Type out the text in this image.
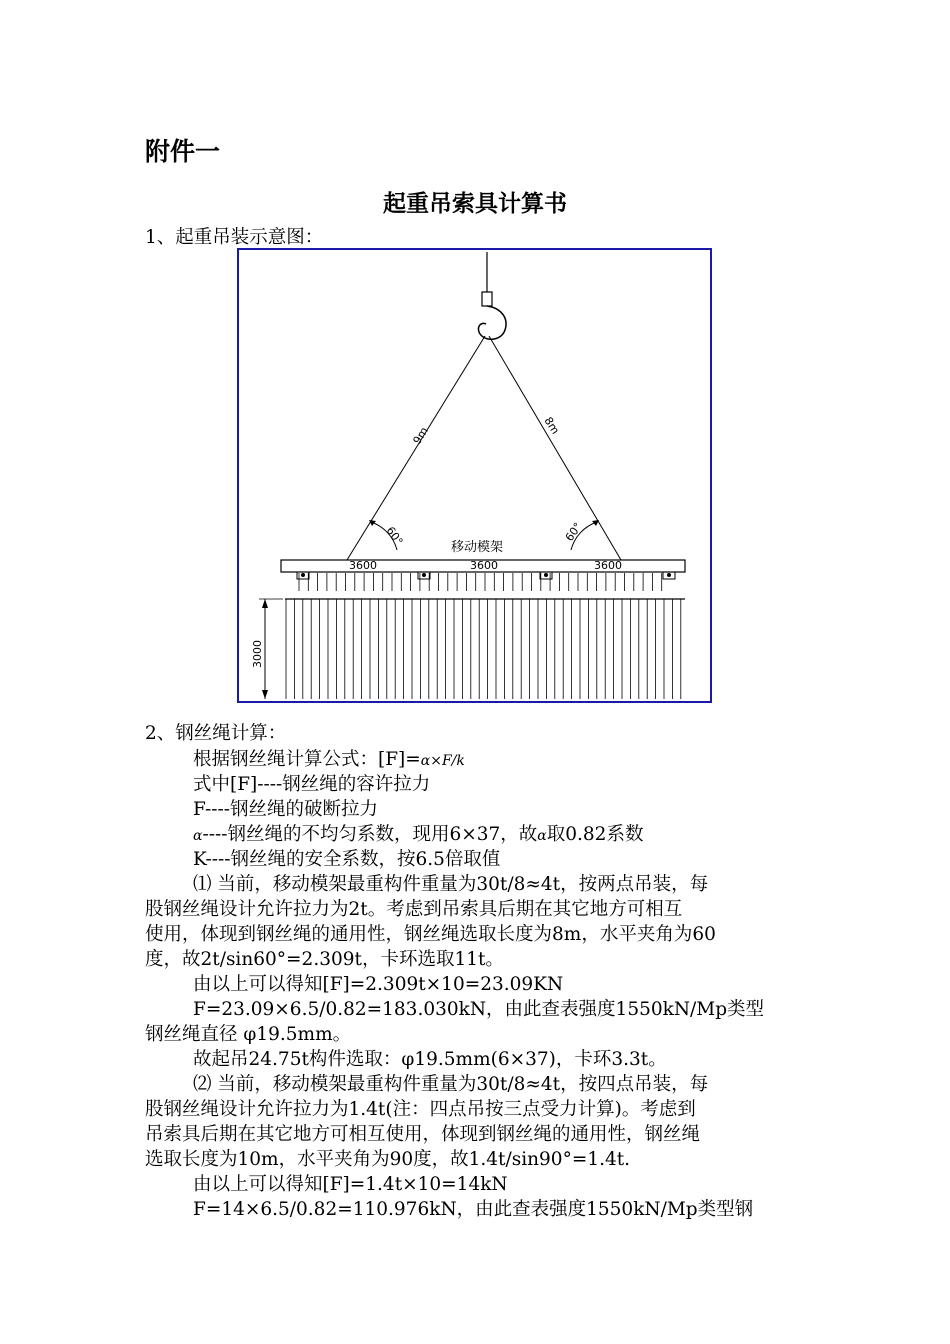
附件一
起重吊索具计算书
1、起重吊装示意图：
9m	8m
60°	60°
移动模架
3600	3600	3600
3000
2、钢丝绳计算：
根据钢丝绳计算公式：[F]=α×F/k
式中[F]----钢丝绳的容许拉力
F----钢丝绳的破断拉力
α----钢丝绳的不均匀系数，现用6×37，故α取0.82系数
K----钢丝绳的安全系数，按6.5倍取值
⑴ 当前，移动模架最重构件重量为30t/8≈4t，按两点吊装，每
股钢丝绳设计允许拉力为2t。考虑到吊索具后期在其它地方可相互
使用，体现到钢丝绳的通用性，钢丝绳选取长度为8m，水平夹角为60
度，故2t/sin60°=2.309t，卡环选取11t。
由以上可以得知[F]=2.309t×10=23.09KN
F=23.09×6.5/0.82=183.030kN，由此查表强度1550kN/Mp类型
钢丝绳直径 φ19.5mm。
故起吊24.75t构件选取：φ19.5mm(6×37)，卡环3.3t。
⑵ 当前，移动模架最重构件重量为30t/8≈4t，按四点吊装，每
股钢丝绳设计允许拉力为1.4t(注：四点吊按三点受力计算)。考虑到
吊索具后期在其它地方可相互使用，体现到钢丝绳的通用性，钢丝绳
选取长度为10m，水平夹角为90度，故1.4t/sin90°=1.4t.
由以上可以得知[F]=1.4t×10=14kN
F=14×6.5/0.82=110.976kN，由此查表强度1550kN/Mp类型钢
